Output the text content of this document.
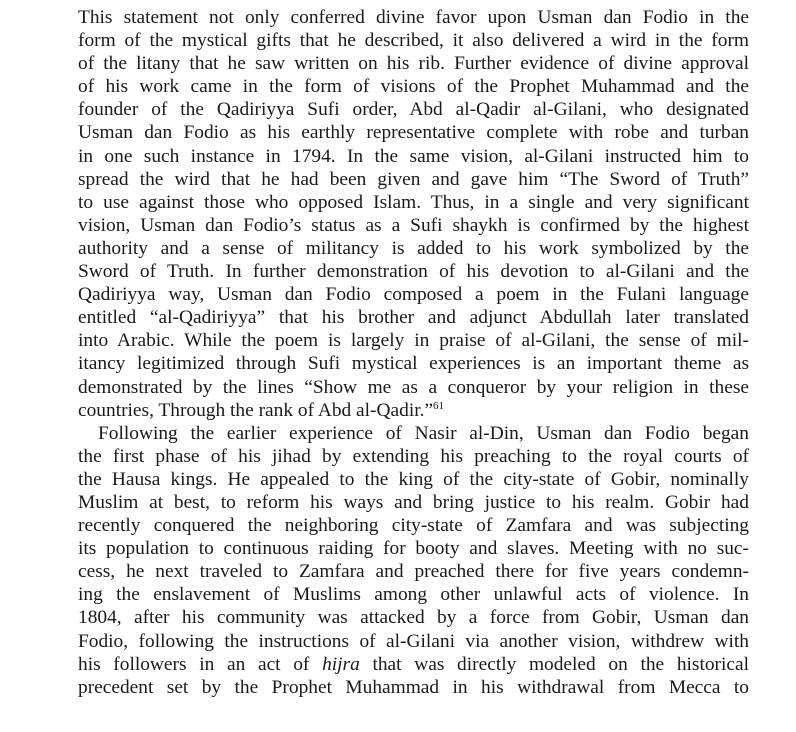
This statement not only conferred divine favor upon Usman dan Fodio in the
form of the mystical gifts that he described, it also delivered a wird in the form
of the litany that he saw written on his rib. Further evidence of divine approval
of his work came in the form of visions of the Prophet Muhammad and the
founder of the Qadiriyya Sufi order, Abd al-Qadir al-Gilani, who designated
Usman dan Fodio as his earthly representative complete with robe and turban
in one such instance in 1794. In the same vision, al-Gilani instructed him to
spread the wird that he had been given and gave him “The Sword of Truth”
to use against those who opposed Islam. Thus, in a single and very significant
vision, Usman dan Fodio’s status as a Sufi shaykh is confirmed by the highest
authority and a sense of militancy is added to his work symbolized by the
Sword of Truth. In further demonstration of his devotion to al-Gilani and the
Qadiriyya way, Usman dan Fodio composed a poem in the Fulani language
entitled “al-Qadiriyya” that his brother and adjunct Abdullah later translated
into Arabic. While the poem is largely in praise of al-Gilani, the sense of mil-
itancy legitimized through Sufi mystical experiences is an important theme as
demonstrated by the lines “Show me as a conqueror by your religion in these
countries, Through the rank of Abd al-Qadir.”$^{61}$
Following the earlier experience of Nasir al-Din, Usman dan Fodio began
the first phase of his jihad by extending his preaching to the royal courts of
the Hausa kings. He appealed to the king of the city-state of Gobir, nominally
Muslim at best, to reform his ways and bring justice to his realm. Gobir had
recently conquered the neighboring city-state of Zamfara and was subjecting
its population to continuous raiding for booty and slaves. Meeting with no suc-
cess, he next traveled to Zamfara and preached there for five years condemn-
ing the enslavement of Muslims among other unlawful acts of violence. In
1804, after his community was attacked by a force from Gobir, Usman dan
Fodio, following the instructions of al-Gilani via another vision, withdrew with
his followers in an act of hijra that was directly modeled on the historical
precedent set by the Prophet Muhammad in his withdrawal from Mecca to
